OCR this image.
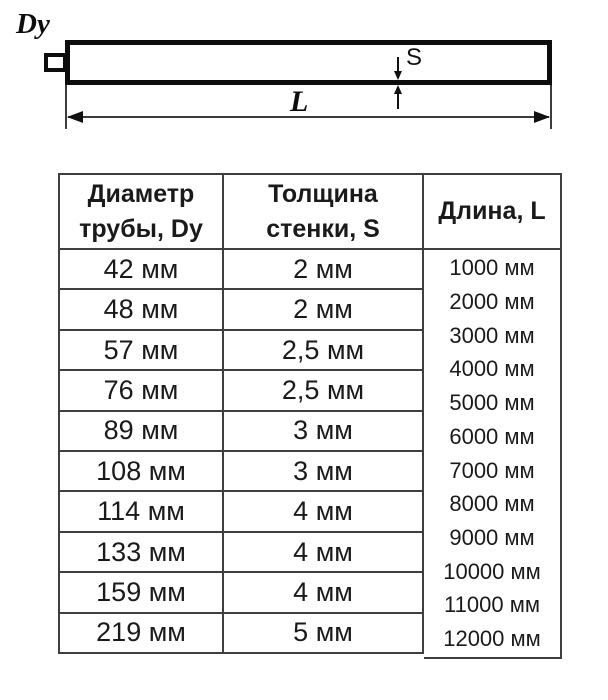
Dy
S
L
Диаметр
трубы, Dy
42 мм
48 мм
57 мм
76 мм
89 мм
108 мм
114 мм
133 мм
159 мм
219 мм
Толщина
стенки, S
2 мм
2 мм
2,5 мм
2,5 мм
3 мм
3 мм
4 мм
4 мм
4 мм
5 мм
Длина, L
1000 мм
2000 мм
3000 мм
4000 мм
5000 мм
6000 мм
7000 мм
8000 мм
9000 мм
10000 мм
11000 мм
12000 мм
